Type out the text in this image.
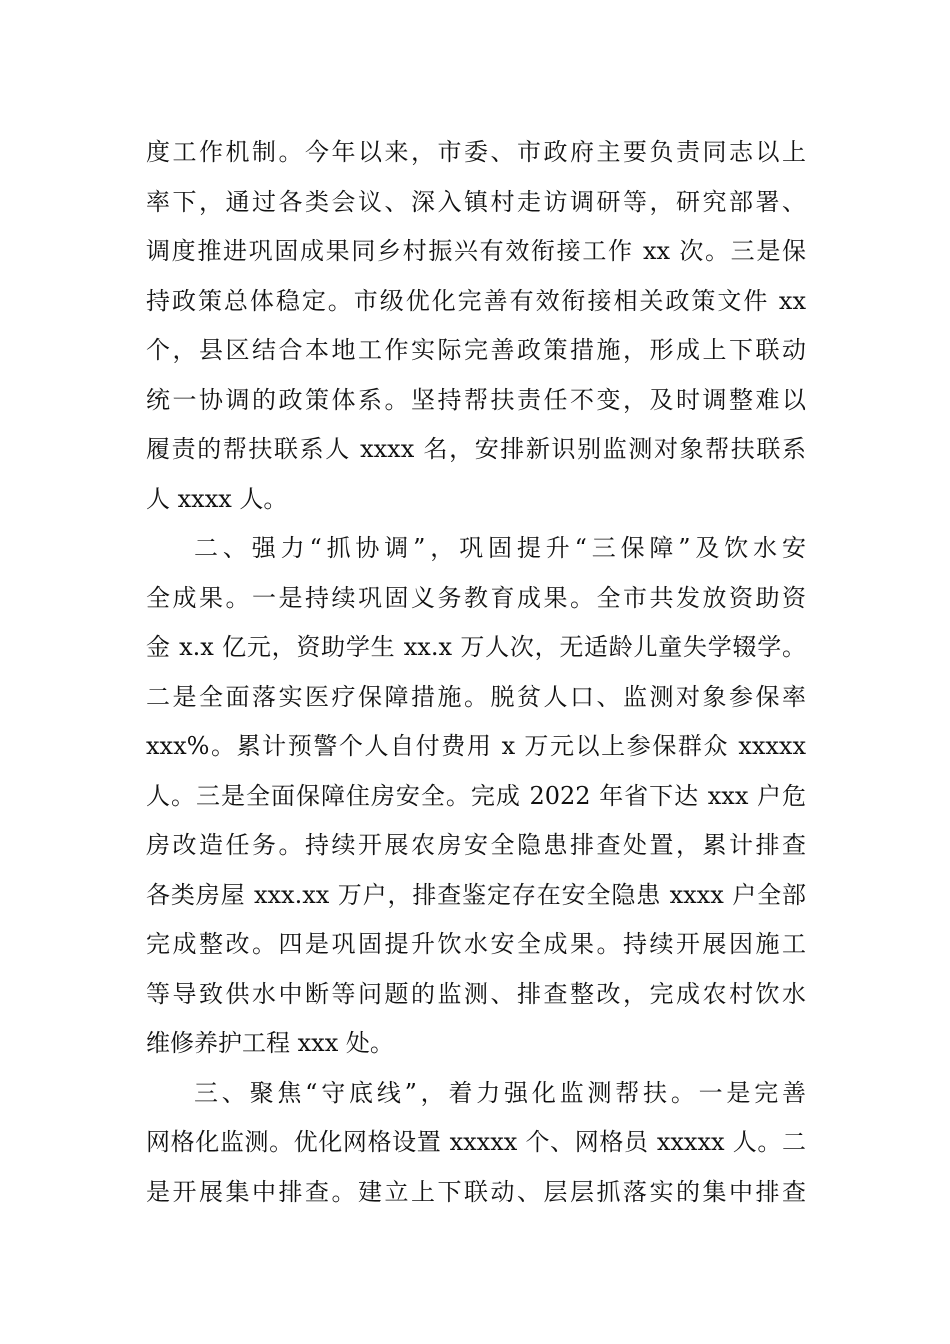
度工作机制。今年以来，市委、市政府主要负责同志以上
率下，通过各类会议、深入镇村走访调研等，研究部署、
调度推进巩固成果同乡村振兴有效衔接工作 xx 次。三是保
持政策总体稳定。市级优化完善有效衔接相关政策文件 xx
个，县区结合本地工作实际完善政策措施，形成上下联动
统一协调的政策体系。坚持帮扶责任不变，及时调整难以
履责的帮扶联系人 xxxx 名，安排新识别监测对象帮扶联系
人 xxxx 人。
二、强力“抓协调”，巩固提升“三保障”及饮水安
全成果。一是持续巩固义务教育成果。全市共发放资助资
金 x.x 亿元，资助学生 xx.x 万人次，无适龄儿童失学辍学。
二是全面落实医疗保障措施。脱贫人口、监测对象参保率
xxx%。累计预警个人自付费用 x 万元以上参保群众 xxxxx
人。三是全面保障住房安全。完成 2022 年省下达 xxx 户危
房改造任务。持续开展农房安全隐患排查处置，累计排查
各类房屋 xxx.xx 万户，排查鉴定存在安全隐患 xxxx 户全部
完成整改。四是巩固提升饮水安全成果。持续开展因施工
等导致供水中断等问题的监测、排查整改，完成农村饮水
维修养护工程 xxx 处。
三、聚焦“守底线”，着力强化监测帮扶。一是完善
网格化监测。优化网格设置 xxxxx 个、网格员 xxxxx 人。二
是开展集中排查。建立上下联动、层层抓落实的集中排查
